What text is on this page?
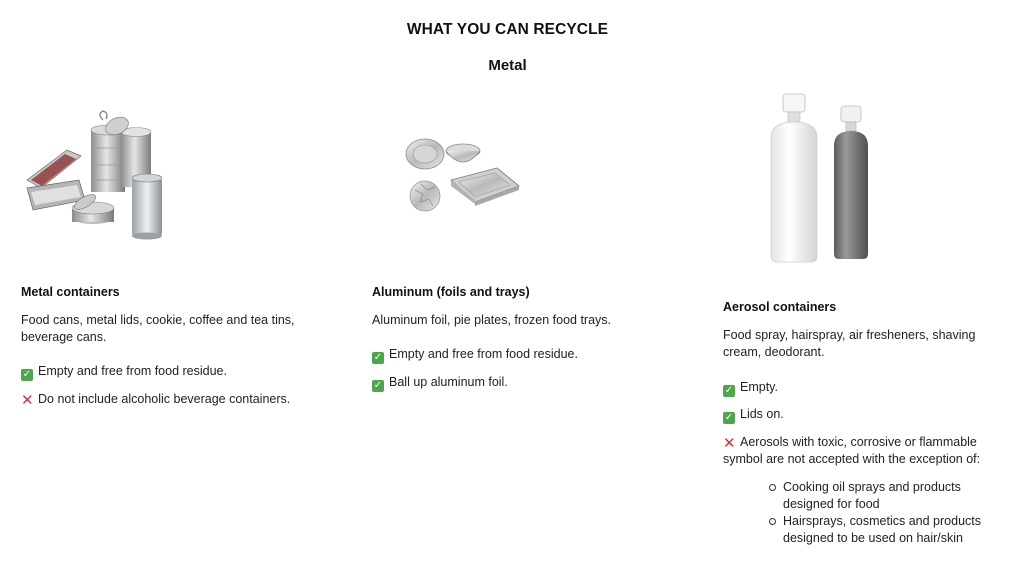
WHAT YOU CAN RECYCLE
Metal
Metal containers
Food cans, metal lids, cookie, coffee and tea tins, beverage cans.
✓ Empty and free from food residue.
✕ Do not include alcoholic beverage containers.
Aluminum (foils and trays)
Aluminum foil, pie plates, frozen food trays.
✓ Empty and free from food residue.
✓ Ball up aluminum foil.
Aerosol containers
Food spray, hairspray, air fresheners, shaving cream, deodorant.
✓ Empty.
✓ Lids on.
✕ Aerosols with toxic, corrosive or flammable symbol are not accepted with the exception of:
Cooking oil sprays and products designed for food
Hairsprays, cosmetics and products designed to be used on hair/skin
